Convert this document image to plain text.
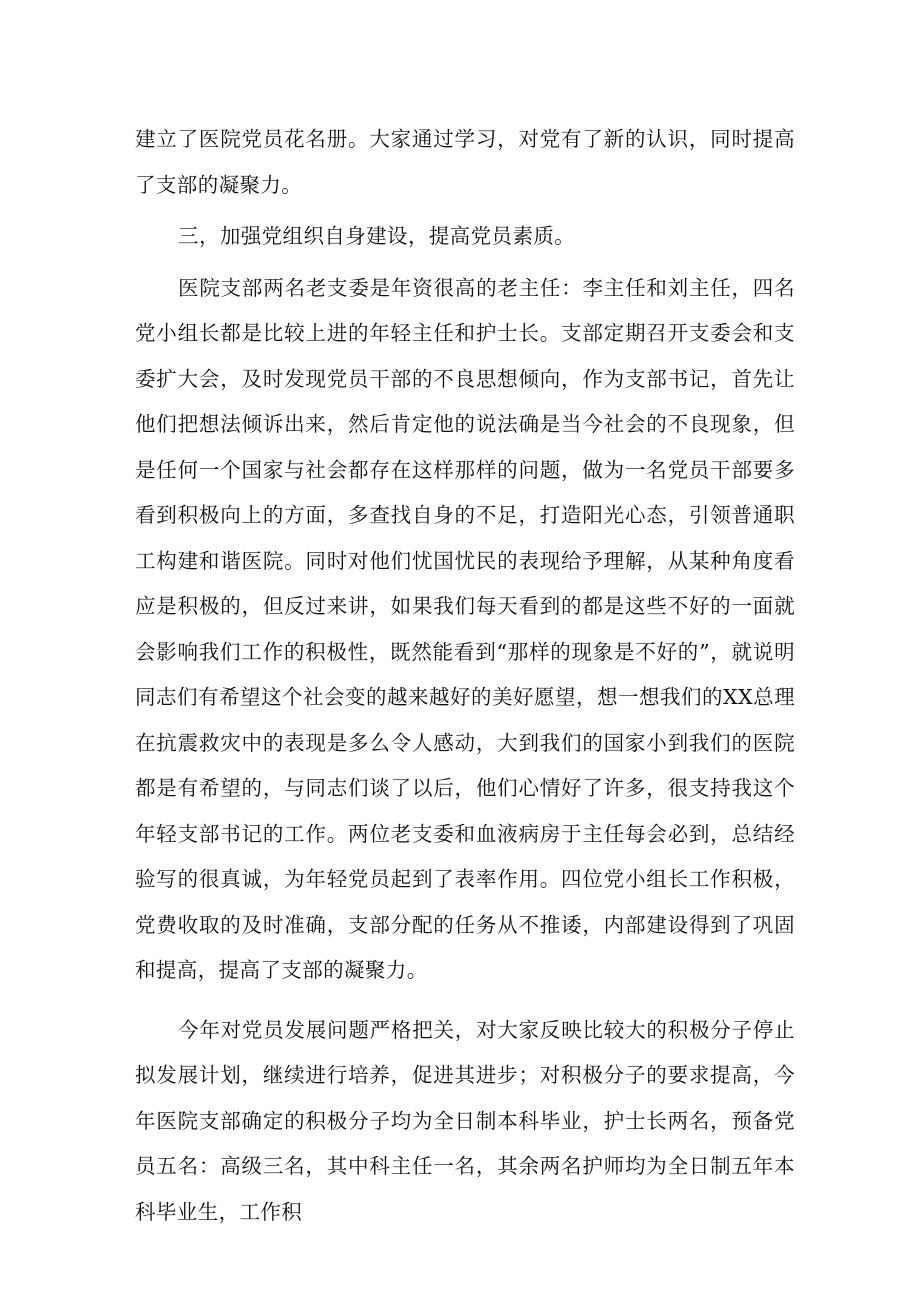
建立了医院党员花名册。大家通过学习，对党有了新的认识，同时提高了支部的凝聚力。

三，加强党组织自身建设，提高党员素质。

医院支部两名老支委是年资很高的老主任：李主任和刘主任，四名党小组长都是比较上进的年轻主任和护士长。支部定期召开支委会和支委扩大会，及时发现党员干部的不良思想倾向，作为支部书记，首先让他们把想法倾诉出来，然后肯定他的说法确是当今社会的不良现象，但是任何一个国家与社会都存在这样那样的问题，做为一名党员干部要多看到积极向上的方面，多查找自身的不足，打造阳光心态，引领普通职工构建和谐医院。同时对他们忧国忧民的表现给予理解，从某种角度看应是积极的，但反过来讲，如果我们每天看到的都是这些不好的一面就会影响我们工作的积极性，既然能看到“那样的现象是不好的”，就说明同志们有希望这个社会变的越来越好的美好愿望，想一想我们的XX总理在抗震救灾中的表现是多么令人感动，大到我们的国家小到我们的医院都是有希望的，与同志们谈了以后，他们心情好了许多，很支持我这个年轻支部书记的工作。两位老支委和血液病房于主任每会必到，总结经验写的很真诚，为年轻党员起到了表率作用。四位党小组长工作积极，党费收取的及时准确，支部分配的任务从不推诿，内部建设得到了巩固和提高，提高了支部的凝聚力。

今年对党员发展问题严格把关，对大家反映比较大的积极分子停止拟发展计划，继续进行培养，促进其进步；对积极分子的要求提高，今年医院支部确定的积极分子均为全日制本科毕业，护士长两名，预备党员五名：高级三名，其中科主任一名，其余两名护师均为全日制五年本科毕业生，工作积
